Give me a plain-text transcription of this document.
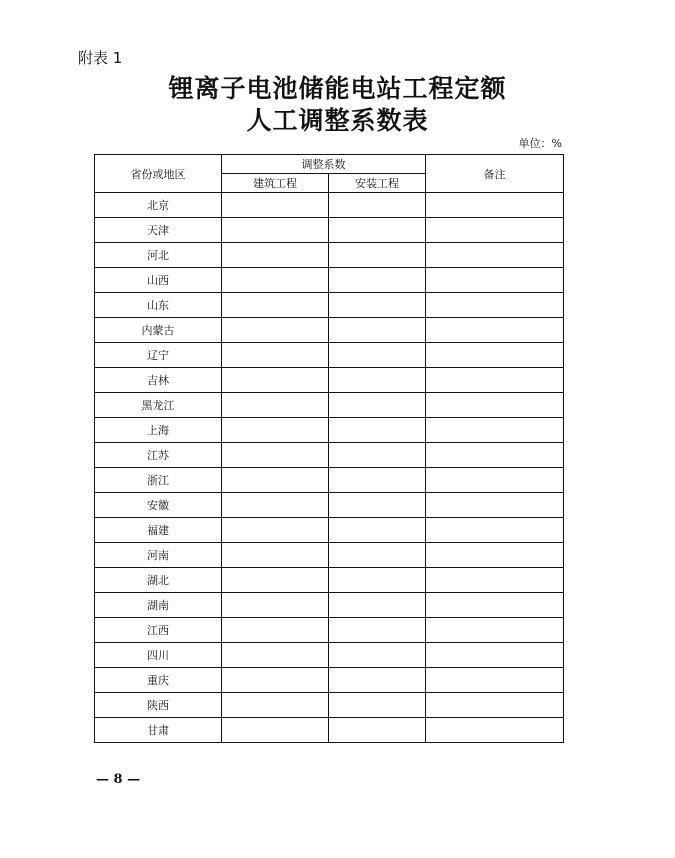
附表 1
锂离子电池储能电站工程定额
人工调整系数表
单位：%
省份或地区	调整系数		备注
	建筑工程	安装工程	
北京			
天津			
河北			
山西			
山东			
内蒙古			
辽宁			
吉林			
黑龙江			
上海			
江苏			
浙江			
安徽			
福建			
河南			
湖北			
湖南			
江西			
四川			
重庆			
陕西			
甘肃			
— 8 —
